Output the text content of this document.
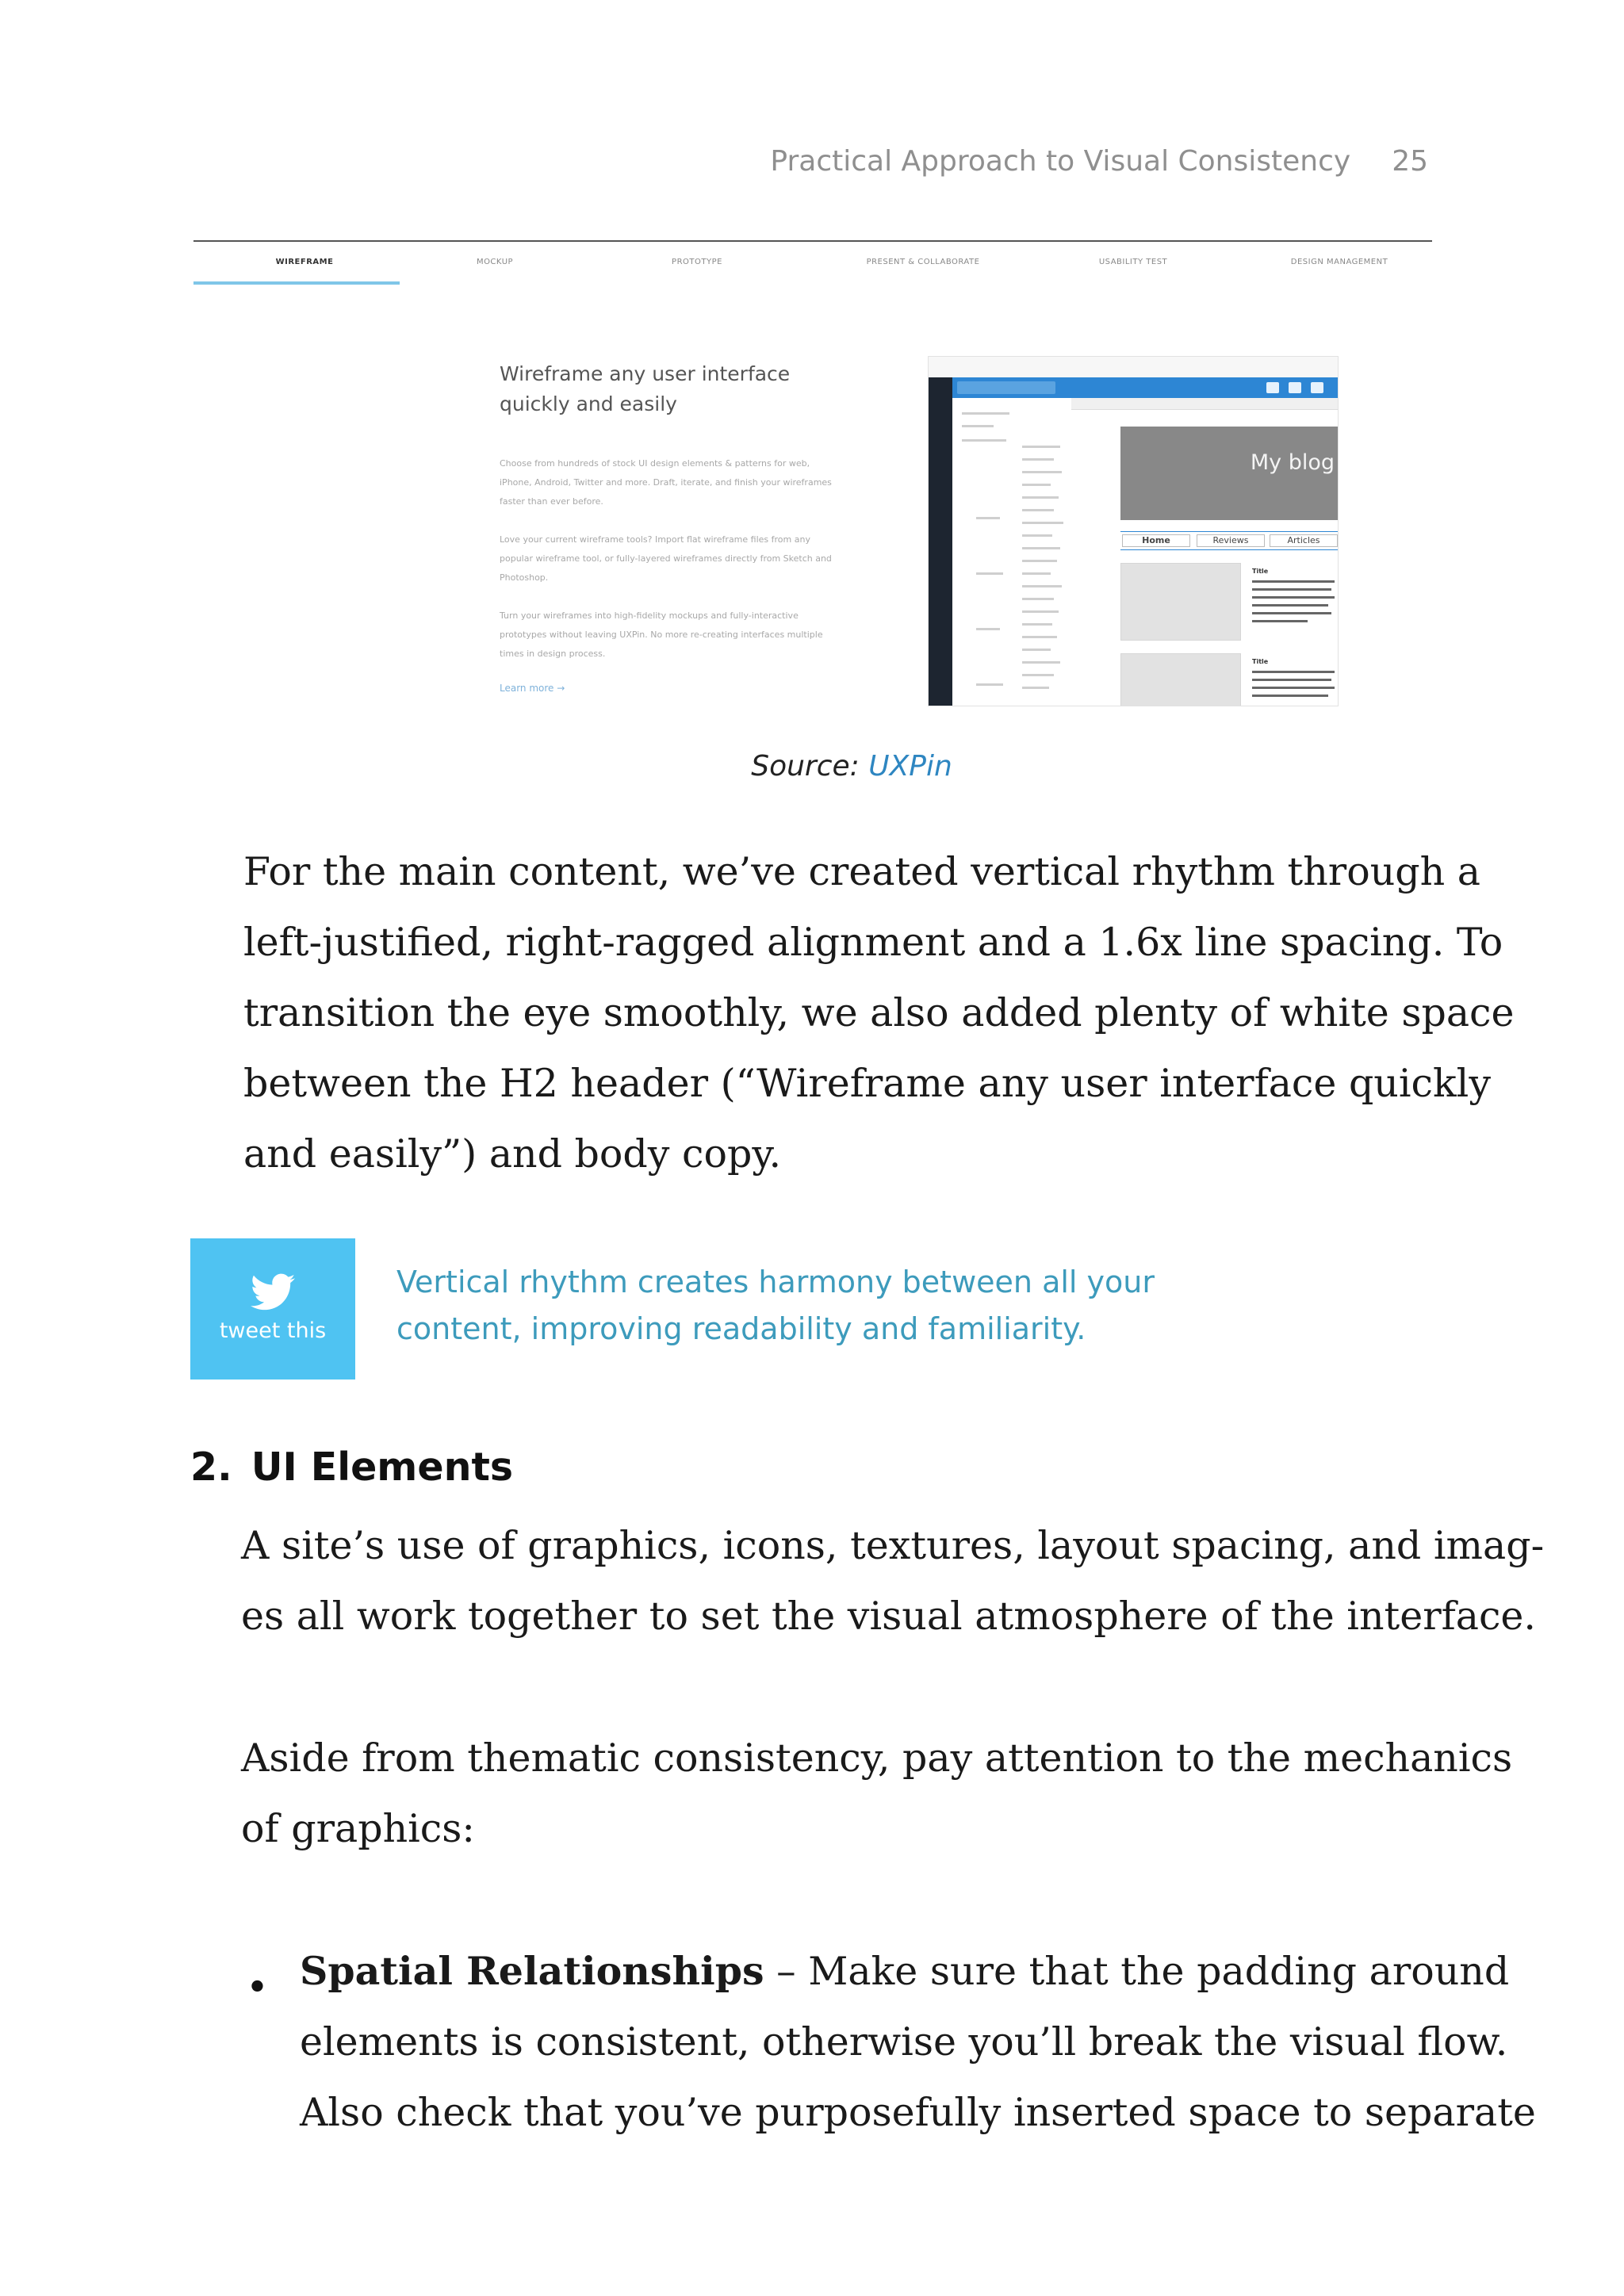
Practical Approach to Visual Consistency 25
WIREFRAME	MOCKUP	PROTOTYPE	PRESENT & COLLABORATE	USABILITY TEST	DESIGN MANAGEMENT
Wireframe any user interface
quickly and easily
Choose from hundreds of stock UI design elements & patterns for web, iPhone, Android, Twitter and more. Draft, iterate, and finish your wireframes faster than ever before.
Love your current wireframe tools? Import flat wireframe files from any popular wireframe tool, or fully-layered wireframes directly from Sketch and Photoshop.
Turn your wireframes into high-fidelity mockups and fully-interactive prototypes without leaving UXPin. No more re-creating interfaces multiple times in design process.
Learn more →
My blog
Home	Reviews	Articles
Title
Title
Source: UXPin
For the main content, we’ve created vertical rhythm through a
left-justified, right-ragged alignment and a 1.6x line spacing. To
transition the eye smoothly, we also added plenty of white space
between the H2 header (“Wireframe any user interface quickly
and easily”) and body copy.
tweet this
Vertical rhythm creates harmony between all your
content, improving readability and familiarity.
2. UI Elements
A site’s use of graphics, icons, textures, layout spacing, and imag-
es all work together to set the visual atmosphere of the interface.
Aside from thematic consistency, pay attention to the mechanics
of graphics:
• Spatial Relationships – Make sure that the padding around
elements is consistent, otherwise you’ll break the visual flow.
Also check that you’ve purposefully inserted space to separate
